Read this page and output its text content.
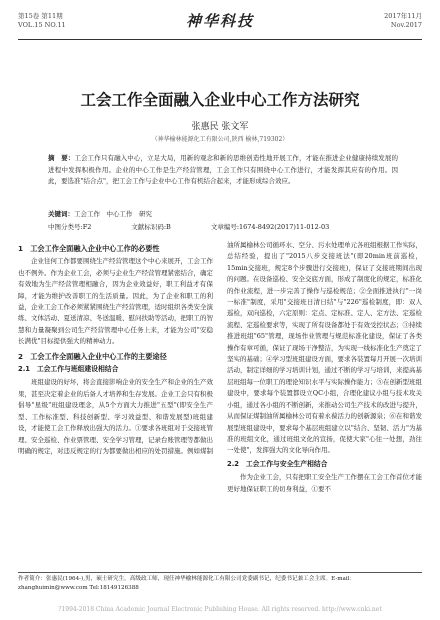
第15卷 第11期
VOL.15 NO.11	神华科技	2017年11月
Nov.2017
工会工作全面融入企业中心工作方法研究
张惠民 张文军
（神华榆林能源化工有限公司,陕西 榆林,719302）
摘　要：工会工作只有融入中心，立足大局，用新的观念和新的思维创造性地开展工作，才能在推进企业健康持续发展的进程中发挥积极作用。企业的中心工作是生产经营管理，工会工作只有围绕中心工作进行，才能发挥其应有的作用。因此，要选准"结合点"，把工会工作与企业中心工作有机结合起来，才能形成综合效应。
关键词：工会工作　中心工作　研究
中图分类号:F2	文献标识码:B	文章编号:1674-8492(2017)11-012-03
1　工会工作全面融入企业中心工作的必要性

企业往何工作都要围绕生产经营管理这个中心来展开，工会工作也不例外。作为企业工会，必须与企业生产经营管理紧密结合，确定有效地为生产经营管理相融合，因为企业效益好，职工利益才有保障，才能为维护改善职工的生活质量。因此，为了企业和职工的利益，企业工会工作必须紧紧围绕生产经营管理，适时组织各类安全演练、文体活动、夏送清凉、冬送温暖、慰问扶助等活动，把职工的智慧和力量凝聚到公司生产经营管理中心任务上来，才能为公司"安稳长满优"目标提供强大的精神动力。

2　工会工作全面融入企业中心工作的主要途径
2.1　工会工作与班组建设相结合

班组建设的好坏，将会直接影响企业的安全生产和企业的生产效果，甚至决定着企业的后备人才培养和生存发展。企业工会只有积极倡导"星级"班组建设理念，从5个方面大力推进"五型"(即安全生产型、工作标准型、科技创新型、学习效益型、和谐发展型)班组建设，才能使工会工作释放出强大的活力。①要求各班组对于交接班管理、安全巡检、作业票管理、安全学习管理，记录台账管理等都做出明确的规定，对违反规定的行为都要做出相应的处罚措施。例如煤制

油所属榆林公司循环水、空分、污水处理单元各班组根据工作实际，总结经验，提出了"2015八步交接班法"(即20min班前巡检，15min交接班，规定8个步骤进行交接班)，保证了交接班期间出现的问题。在设备巡检、安全交底方面，形成了制度化的规定，标准化的作业流程，进一步完善了操作与巡检规范；②全面推进执行"一岗一标准"制度，采用"交接班日清日结"与"226"巡检制度，即：双人巡检，双向巡检，六定原则：定点、定标准、定人、定方法、定巡检流程、定巡检要求等，实现了所有设备都处于有效受控状态；③持续推进班组"65"管理，现场作业管理与规范标准化建设，保证了各类操作有章可循，保证了现场干净整洁，为实现一线标准化生产奠定了坚实的基础；④学习型班组建设方面，要求各装置每月开展一次培训活动，制定详细的学习培训计划，通过不断的学习与培训，来提高基层班组每一位职工的理论知识水平与实际操作能力；⑤在创新型班组建设中，要求每个装置都设立QC小组，合理化建议小组与技术攻关小组，通过各小组的不断创新，来推动公司生产技术的改进与提升，从而保证煤制油所属榆林公司有着永葆活力的创新源泉；⑥在和谐发展型班组建设中，要求每个基层班组建立以"结合、坚韧、活力"为基准的班组文化，通过班组文化的宣扬，促使大家"心往一处想，劲往一处使"，发挥强大的文化导向作用。

2.2　工会工作与安全生产相结合

作为企业工会，只有把职工安全生产工作摆在工会工作首位才能更好地保证职工的切身利益，①要不

作者简介：张惠民(1964-),男，硕士研究生，高级政工师，现任神华榆林能源化工有限公司党委副书记，纪委书记兼工会主席。E-mail：zhanghuimin@www.com Tel:18149126388
?1994-2018 China Academic Journal Electronic Publishing House. All rights reserved. http://www.cnki.net
